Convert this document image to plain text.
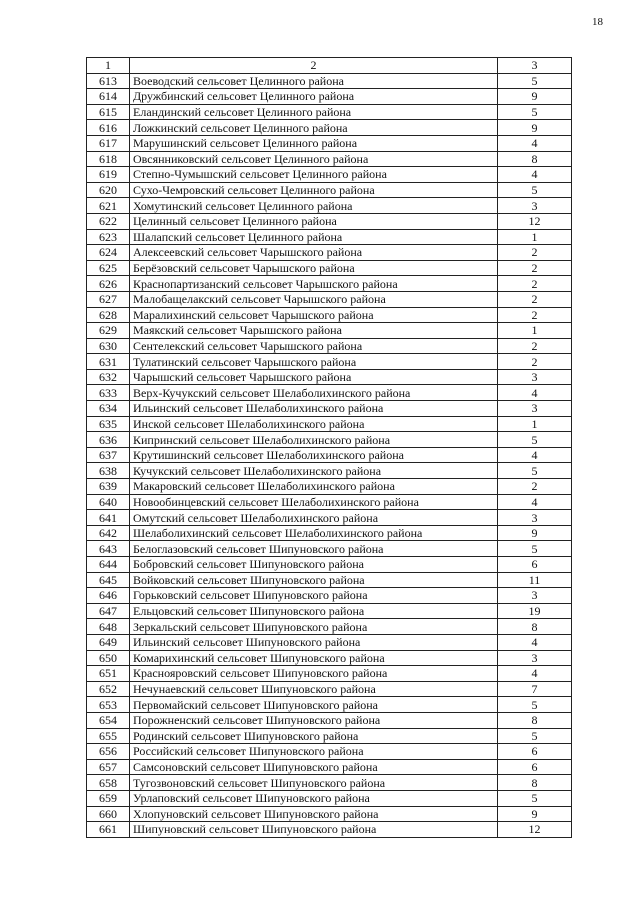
18
1	2	3
613	Воеводский сельсовет Целинного района	5
614	Дружбинский сельсовет Целинного района	9
615	Еландинский сельсовет Целинного района	5
616	Ложкинский сельсовет Целинного района	9
617	Марушинский сельсовет Целинного района	4
618	Овсянниковский сельсовет Целинного района	8
619	Степно-Чумышский сельсовет Целинного района	4
620	Сухо-Чемровский сельсовет Целинного района	5
621	Хомутинский сельсовет Целинного района	3
622	Целинный сельсовет Целинного района	12
623	Шалапский сельсовет Целинного района	1
624	Алексеевский сельсовет Чарышского района	2
625	Берёзовский сельсовет Чарышского района	2
626	Краснопартизанский сельсовет Чарышского района	2
627	Малобащелакский сельсовет Чарышского района	2
628	Маралихинский сельсовет Чарышского района	2
629	Маякский сельсовет Чарышского района	1
630	Сентелекский сельсовет Чарышского района	2
631	Тулатинский сельсовет Чарышского района	2
632	Чарышский сельсовет Чарышского района	3
633	Верх-Кучукский сельсовет Шелаболихинского района	4
634	Ильинский сельсовет Шелаболихинского района	3
635	Инской сельсовет Шелаболихинского района	1
636	Кипринский сельсовет Шелаболихинского района	5
637	Крутишинский сельсовет Шелаболихинского района	4
638	Кучукский сельсовет Шелаболихинского района	5
639	Макаровский сельсовет Шелаболихинского района	2
640	Новообинцевский сельсовет Шелаболихинского района	4
641	Омутский сельсовет Шелаболихинского района	3
642	Шелаболихинский сельсовет Шелаболихинского района	9
643	Белоглазовский сельсовет Шипуновского района	5
644	Бобровский сельсовет Шипуновского района	6
645	Войковский сельсовет Шипуновского района	11
646	Горьковский сельсовет Шипуновского района	3
647	Ельцовский сельсовет Шипуновского района	19
648	Зеркальский сельсовет Шипуновского района	8
649	Ильинский сельсовет Шипуновского района	4
650	Комарихинский сельсовет Шипуновского района	3
651	Краснояровский сельсовет Шипуновского района	4
652	Нечунаевский сельсовет Шипуновского района	7
653	Первомайский сельсовет Шипуновского района	5
654	Порожненский сельсовет Шипуновского района	8
655	Родинский сельсовет Шипуновского района	5
656	Российский сельсовет Шипуновского района	6
657	Самсоновский сельсовет Шипуновского района	6
658	Тугозвоновский сельсовет Шипуновского района	8
659	Урлаповский сельсовет Шипуновского района	5
660	Хлопуновский сельсовет Шипуновского района	9
661	Шипуновский сельсовет Шипуновского района	12
